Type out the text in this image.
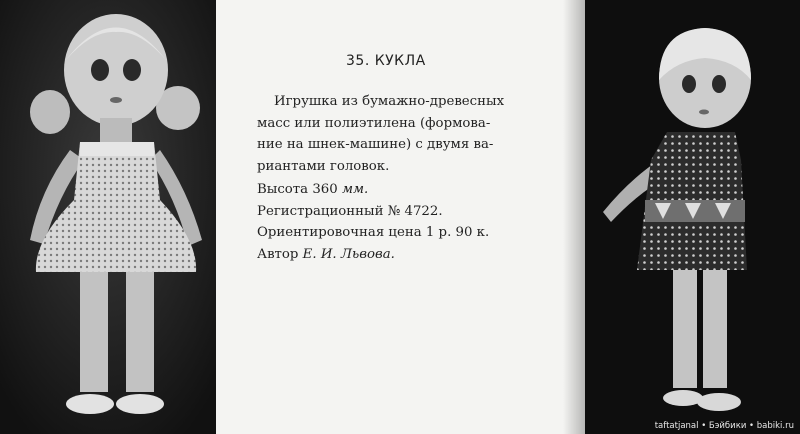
35. КУКЛА
Игрушка из бумажно-древесных
масс или полиэтилена (формова-
ние на шнек-машине) с двумя ва-
риантами головок.
Высота 360 мм.
Регистрационный № 4722.
Ориентировочная цена 1 р. 90 к.
Автор Е. И. Львова.
taftatjanal • Бэйбики • babiki.ru
